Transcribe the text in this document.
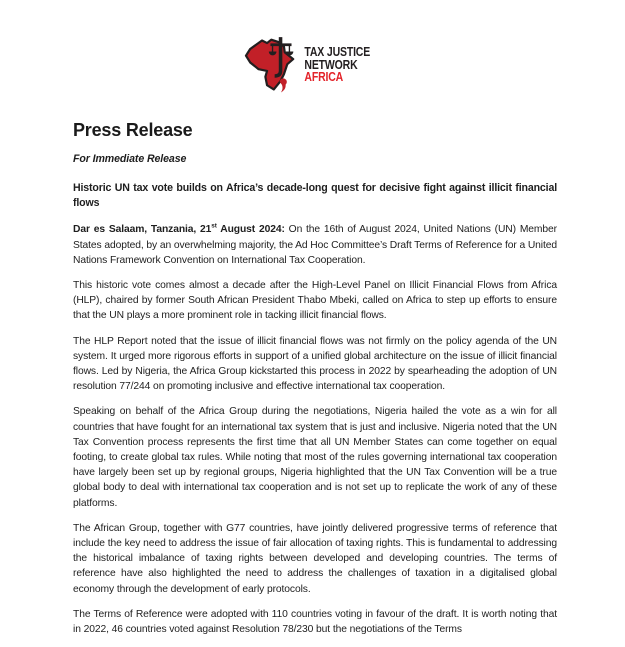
TAX JUSTICE
NETWORK
AFRICA
Press Release
For Immediate Release
Historic UN tax vote builds on Africa’s decade-long quest for decisive fight against illicit financial flows

Dar es Salaam, Tanzania, 21st August 2024: On the 16th of August 2024, United Nations (UN) Member States adopted, by an overwhelming majority, the Ad Hoc Committee’s Draft Terms of Reference for a United Nations Framework Convention on International Tax Cooperation.

This historic vote comes almost a decade after the High-Level Panel on Illicit Financial Flows from Africa (HLP), chaired by former South African President Thabo Mbeki, called on Africa to step up efforts to ensure that the UN plays a more prominent role in tacking illicit financial flows.

The HLP Report noted that the issue of illicit financial flows was not firmly on the policy agenda of the UN system. It urged more rigorous efforts in support of a unified global architecture on the issue of illicit financial flows. Led by Nigeria, the Africa Group kickstarted this process in 2022 by spearheading the adoption of UN resolution 77/244 on promoting inclusive and effective international tax cooperation.

Speaking on behalf of the Africa Group during the negotiations, Nigeria hailed the vote as a win for all countries that have fought for an international tax system that is just and inclusive. Nigeria noted that the UN Tax Convention process represents the first time that all UN Member States can come together on equal footing, to create global tax rules. While noting that most of the rules governing international tax cooperation have largely been set up by regional groups, Nigeria highlighted that the UN Tax Convention will be a true global body to deal with international tax cooperation and is not set up to replicate the work of any of these platforms.

The African Group, together with G77 countries, have jointly delivered progressive terms of reference that include the key need to address the issue of fair allocation of taxing rights. This is fundamental to addressing the historical imbalance of taxing rights between developed and developing countries. The terms of reference have also highlighted the need to address the challenges of taxation in a digitalised global economy through the development of early protocols.

The Terms of Reference were adopted with 110 countries voting in favour of the draft. It is worth noting that in 2022, 46 countries voted against Resolution 78/230 but the negotiations of the Terms
